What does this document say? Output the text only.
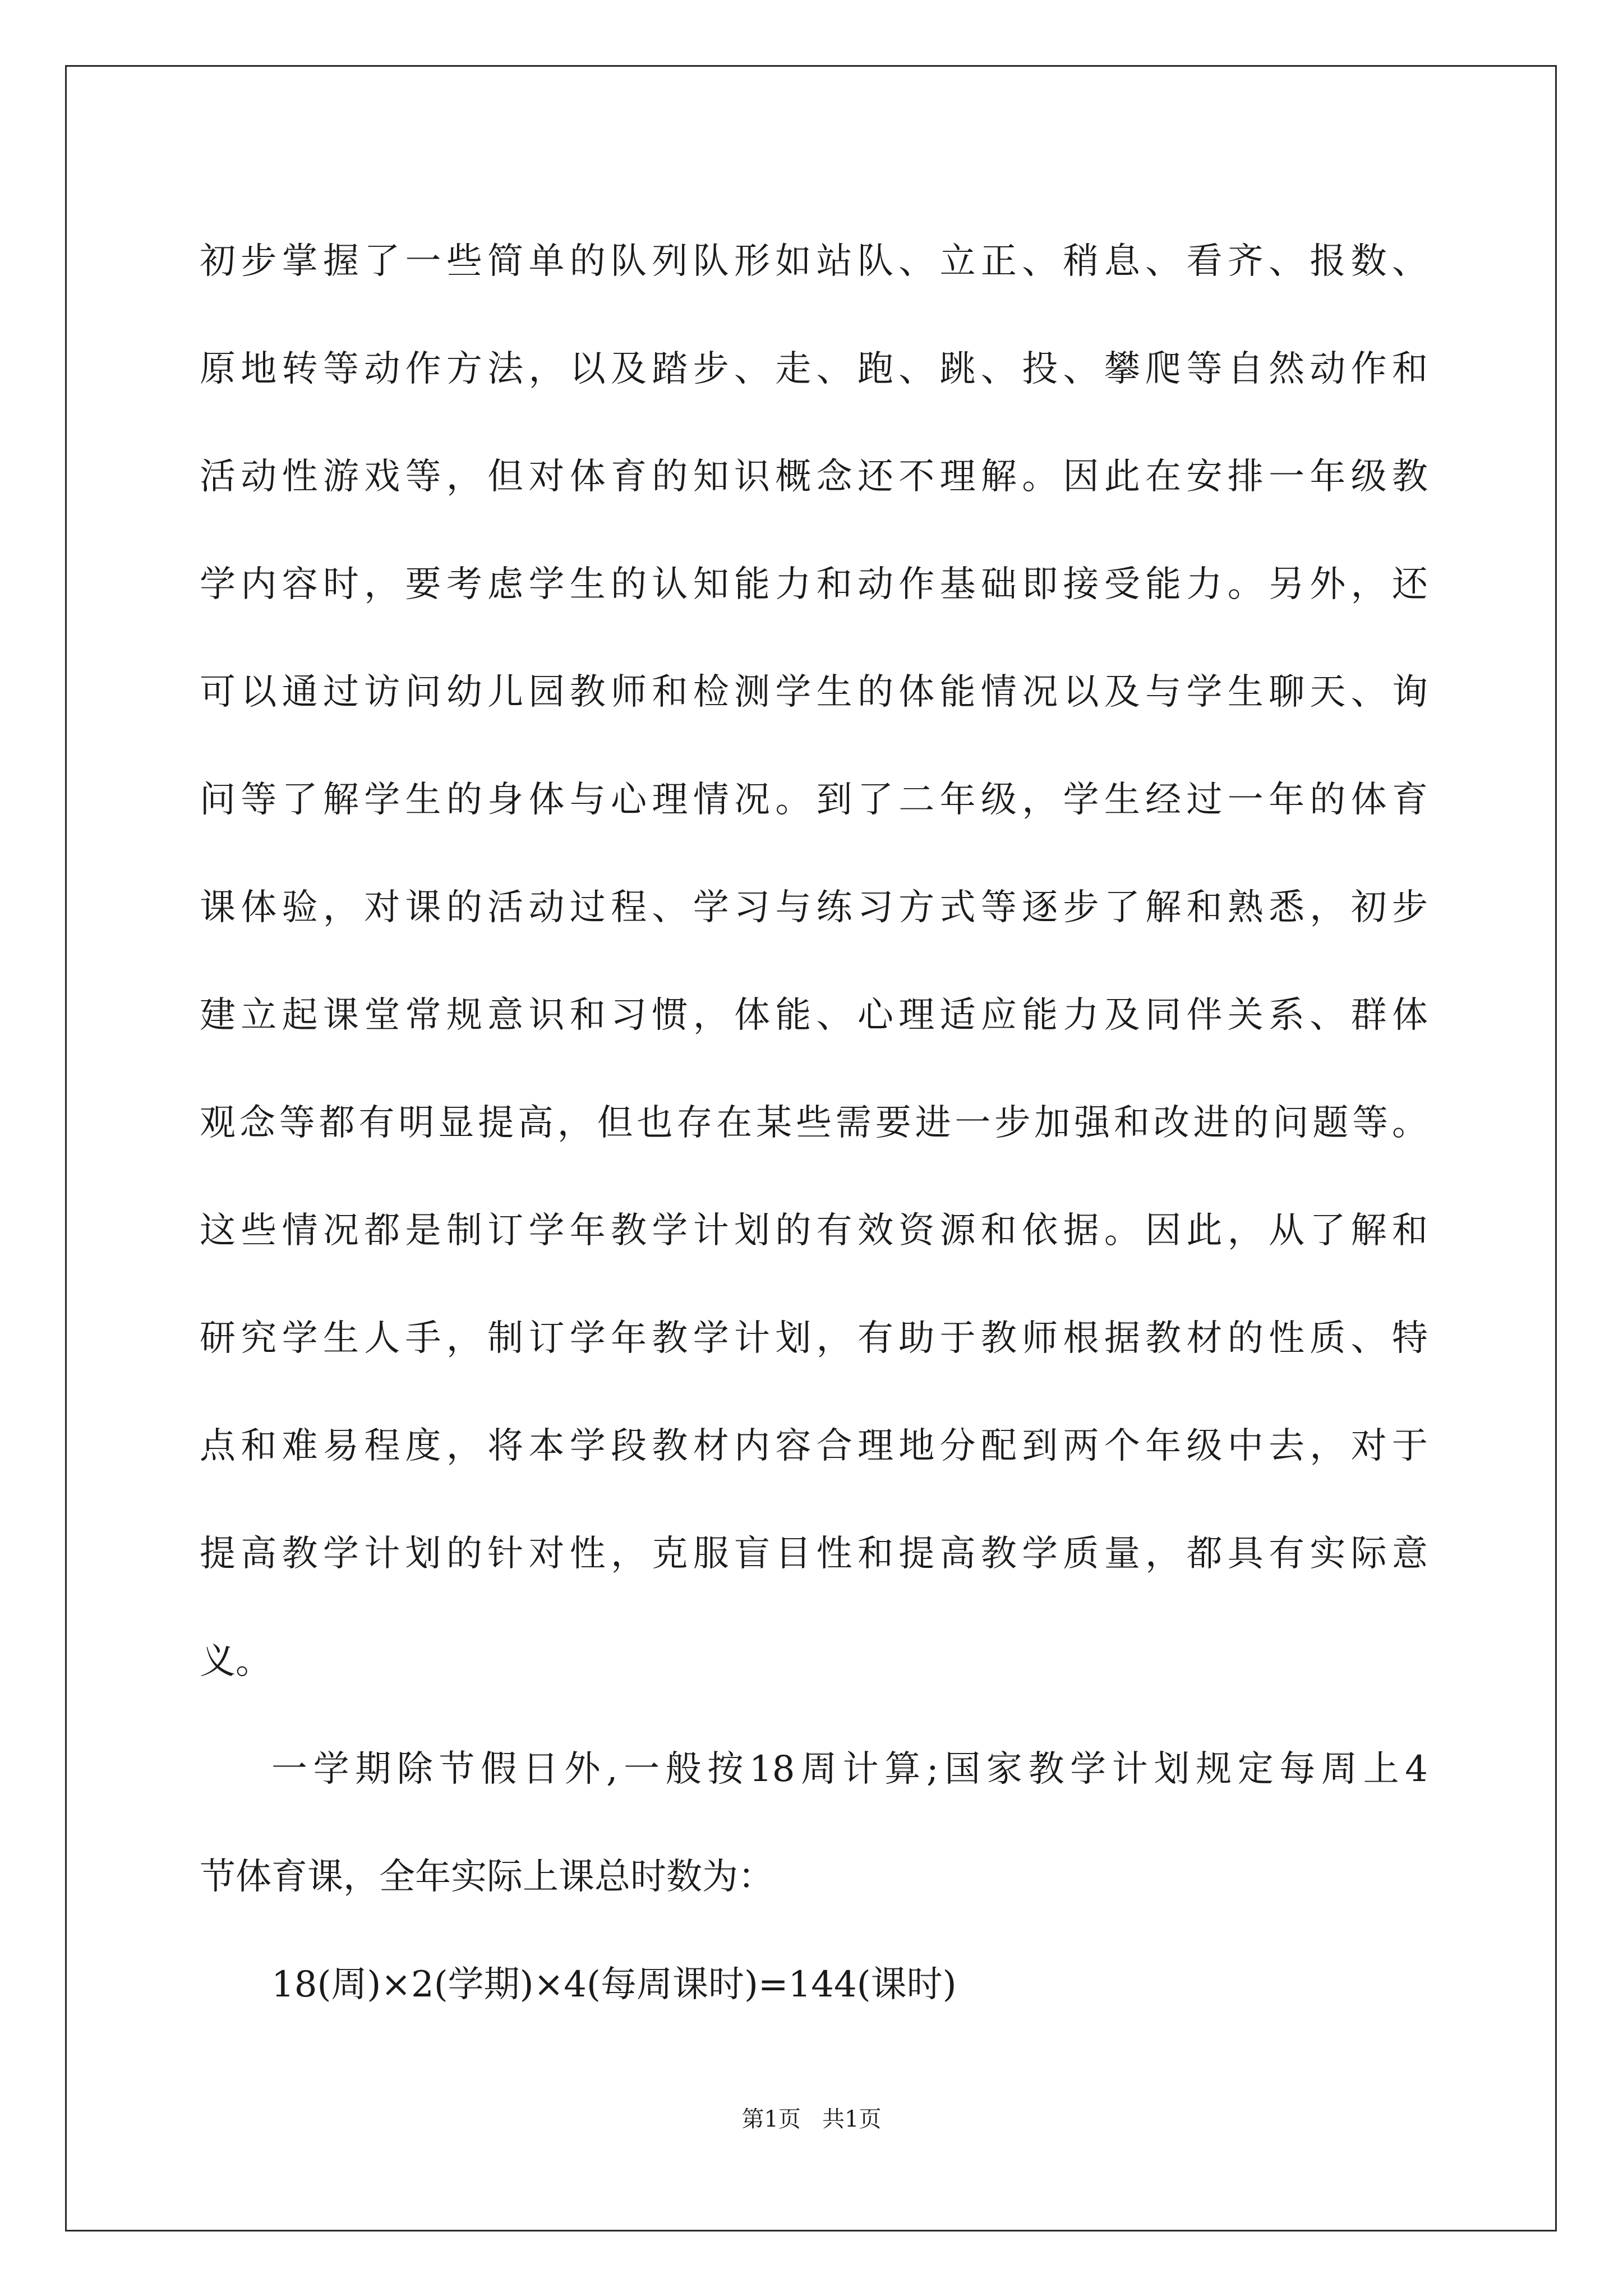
初步掌握了一些简单的队列队形如站队、立正、稍息、看齐、报数、
原地转等动作方法，以及踏步、走、跑、跳、投、攀爬等自然动作和
活动性游戏等，但对体育的知识概念还不理解。因此在安排一年级教
学内容时，要考虑学生的认知能力和动作基础即接受能力。另外，还
可以通过访问幼儿园教师和检测学生的体能情况以及与学生聊天、询
问等了解学生的身体与心理情况。到了二年级，学生经过一年的体育
课体验，对课的活动过程、学习与练习方式等逐步了解和熟悉，初步
建立起课堂常规意识和习惯，体能、心理适应能力及同伴关系、群体
观念等都有明显提高，但也存在某些需要进一步加强和改进的问题等。
这些情况都是制订学年教学计划的有效资源和依据。因此，从了解和
研究学生人手，制订学年教学计划，有助于教师根据教材的性质、特
点和难易程度，将本学段教材内容合理地分配到两个年级中去，对于
提高教学计划的针对性，克服盲目性和提高教学质量，都具有实际意
义。
一学期除节假日外,一般按18周计算;国家教学计划规定每周上4
节体育课，全年实际上课总时数为：
18(周)×2(学期)×4(每周课时)=144(课时)
第1页   共1页
